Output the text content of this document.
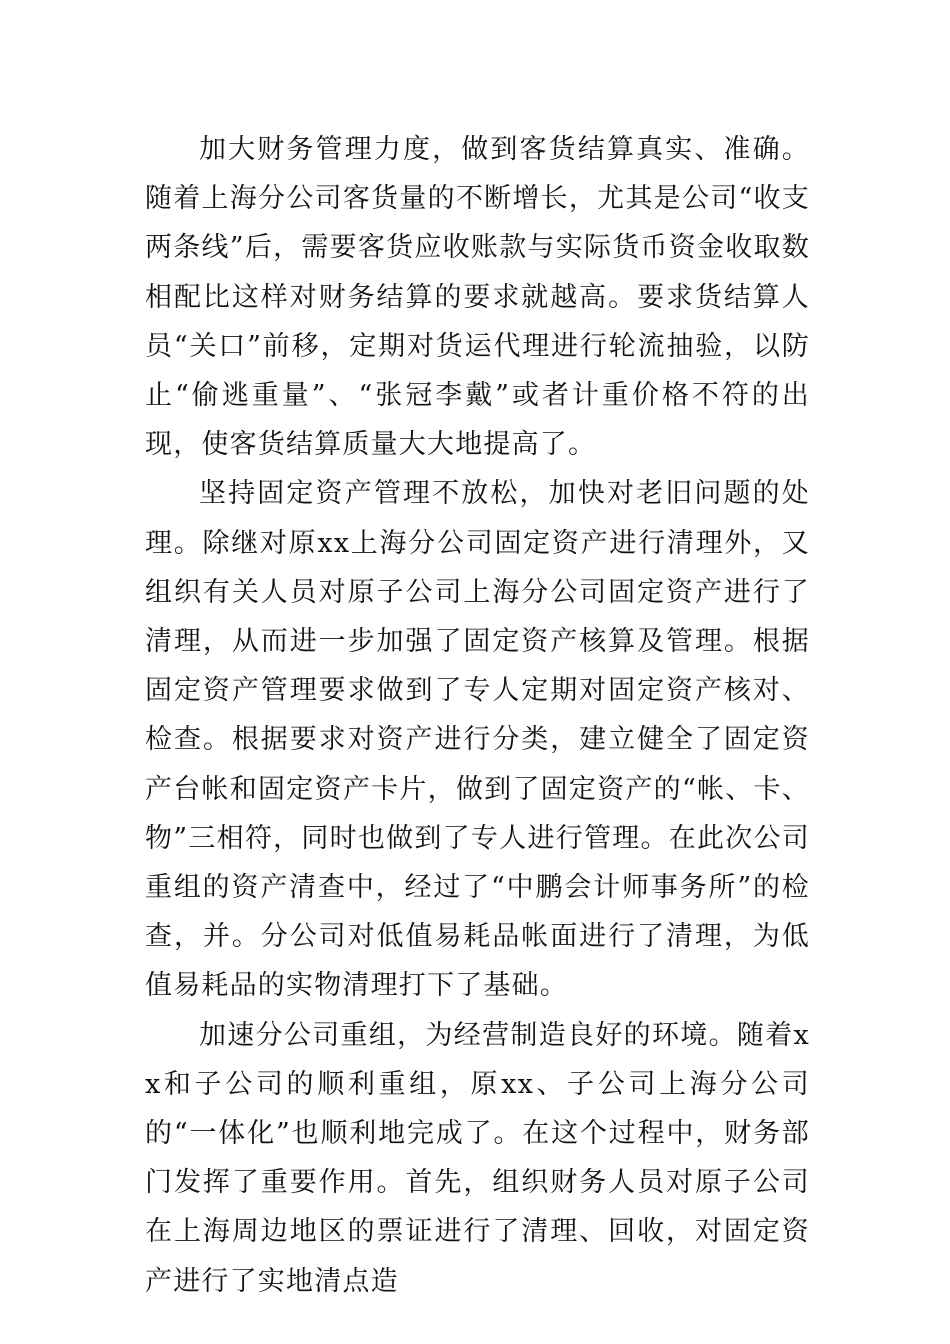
加大财务管理力度，做到客货结算真实、准确。随着上海分公司客货量的不断增长，尤其是公司“收支两条线”后，需要客货应收账款与实际货币资金收取数相配比这样对财务结算的要求就越高。要求货结算人员“关口”前移，定期对货运代理进行轮流抽验，以防止“偷逃重量”、“张冠李戴”或者计重价格不符的出现，使客货结算质量大大地提高了。

坚持固定资产管理不放松，加快对老旧问题的处理。除继对原xx上海分公司固定资产进行清理外，又组织有关人员对原子公司上海分公司固定资产进行了清理，从而进一步加强了固定资产核算及管理。根据固定资产管理要求做到了专人定期对固定资产核对、检查。根据要求对资产进行分类，建立健全了固定资产台帐和固定资产卡片，做到了固定资产的“帐、卡、物”三相符，同时也做到了专人进行管理。在此次公司重组的资产清查中，经过了“中鹏会计师事务所”的检查，并。分公司对低值易耗品帐面进行了清理，为低值易耗品的实物清理打下了基础。

加速分公司重组，为经营制造良好的环境。随着xx和子公司的顺利重组，原xx、子公司上海分公司的“一体化”也顺利地完成了。在这个过程中，财务部门发挥了重要作用。首先，组织财务人员对原子公司在上海周边地区的票证进行了清理、回收，对固定资产进行了实地清点造
